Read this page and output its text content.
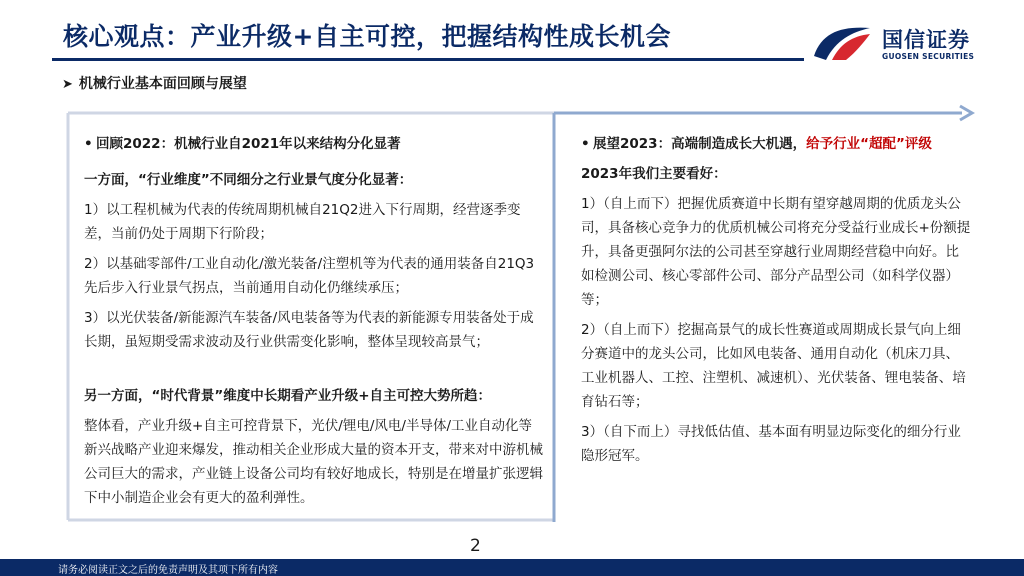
核心观点：产业升级+自主可控，把握结构性成长机会	国信证券
GUOSEN SECURITIES
➤ 机械行业基本面回顾与展望

• 回顾2022：机械行业自2021年以来结构分化显著

一方面，“行业维度”不同细分之行业景气度分化显著：

1）以工程机械为代表的传统周期机械自21Q2进入下行周期，经营逐季变差，当前仍处于周期下行阶段；

2）以基础零部件/工业自动化/激光装备/注塑机等为代表的通用装备自21Q3先后步入行业景气拐点，当前通用自动化仍继续承压；

3）以光伏装备/新能源汽车装备/风电装备等为代表的新能源专用装备处于成长期，虽短期受需求波动及行业供需变化影响，整体呈现较高景气；

另一方面，“时代背景”维度中长期看产业升级+自主可控大势所趋：

整体看，产业升级+自主可控背景下，光伏/锂电/风电/半导体/工业自动化等新兴战略产业迎来爆发，推动相关企业形成大量的资本开支，带来对中游机械公司巨大的需求，产业链上设备公司均有较好地成长，特别是在增量扩张逻辑下中小制造企业会有更大的盈利弹性。

• 展望2023：高端制造成长大机遇，给予行业“超配”评级

2023年我们主要看好：

1）（自上而下）把握优质赛道中长期有望穿越周期的优质龙头公司，具备核心竞争力的优质机械公司将充分受益行业成长+份额提升，具备更强阿尔法的公司甚至穿越行业周期经营稳中向好。比如检测公司、核心零部件公司、部分产品型公司（如科学仪器）等；

2）（自上而下）挖掘高景气的成长性赛道或周期成长景气向上细分赛道中的龙头公司，比如风电装备、通用自动化（机床刀具、工业机器人、工控、注塑机、减速机）、光伏装备、锂电装备、培育钻石等；

3）（自下而上）寻找低估值、基本面有明显边际变化的细分行业隐形冠军。

2
请务必阅读正文之后的免责声明及其项下所有内容
